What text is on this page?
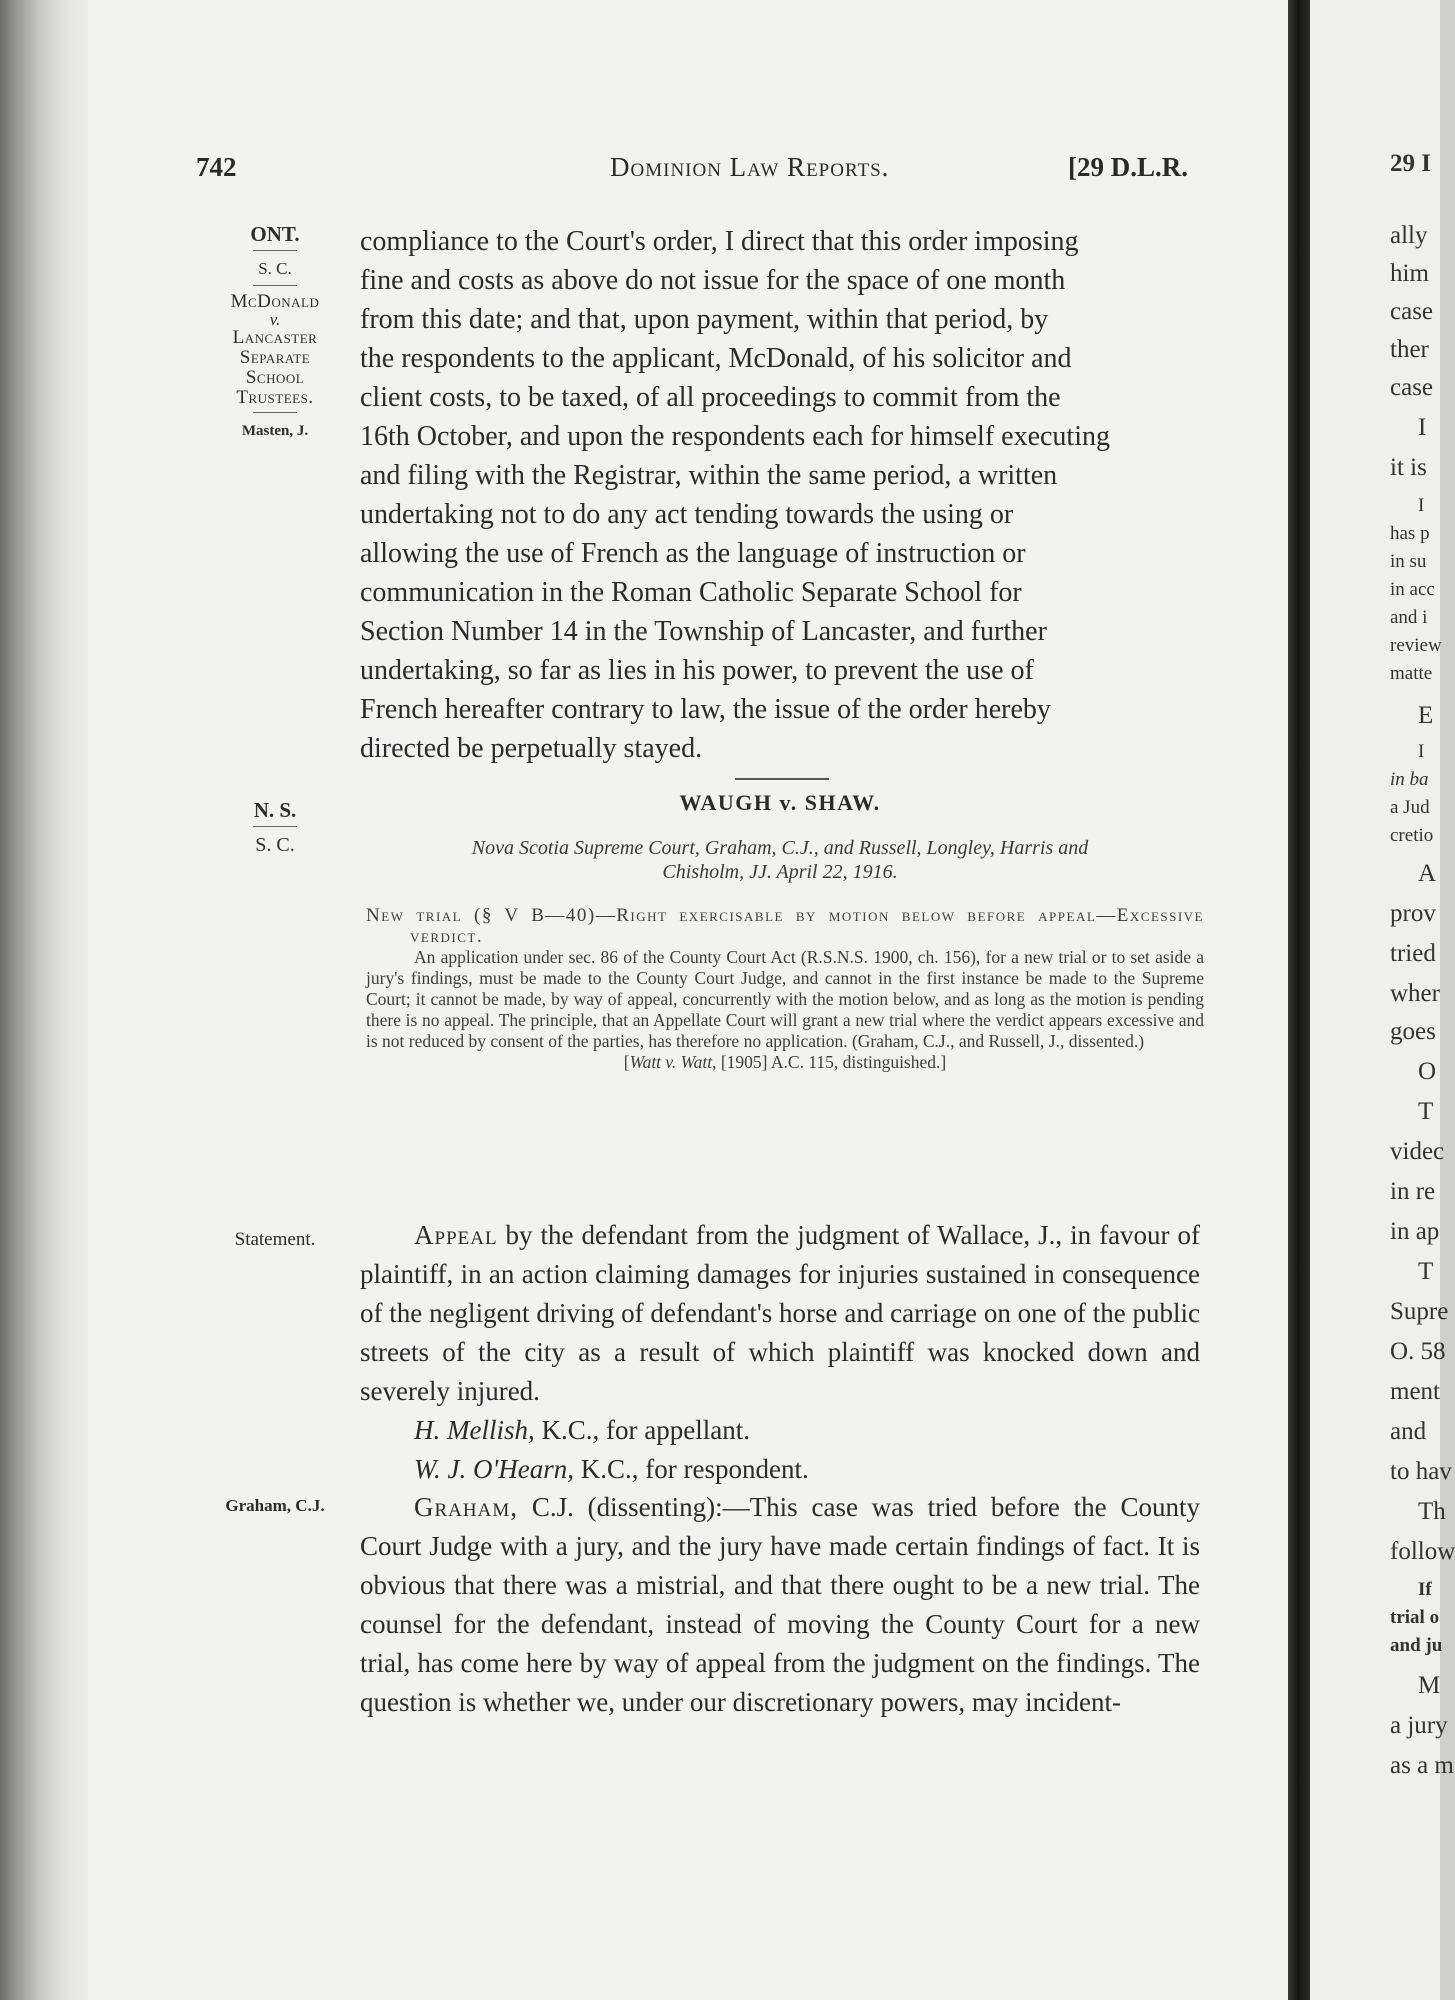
742	Dominion Law Reports.	[29 D.L.R.
ONT.
S. C.
McDonald
v.
Lancaster
Separate
School
Trustees.
Masten, J.

compliance to the Court's order, I direct that this order imposing

fine and costs as above do not issue for the space of one month

from this date; and that, upon payment, within that period, by

the respondents to the applicant, McDonald, of his solicitor and

client costs, to be taxed, of all proceedings to commit from the

16th October, and upon the respondents each for himself executing

and filing with the Registrar, within the same period, a written

undertaking not to do any act tending towards the using or

allowing the use of French as the language of instruction or

communication in the Roman Catholic Separate School for

Section Number 14 in the Township of Lancaster, and further

undertaking, so far as lies in his power, to prevent the use of

French hereafter contrary to law, the issue of the order hereby

directed be perpetually stayed.

N. S.
S. C.
WAUGH v. SHAW.
Nova Scotia Supreme Court, Graham, C.J., and Russell, Longley, Harris and
Chisholm, JJ. April 22, 1916.

New trial (§ V B—40)—Right exercisable by motion below before appeal—Excessive verdict.

An application under sec. 86 of the County Court Act (R.S.N.S. 1900, ch. 156), for a new trial or to set aside a jury's findings, must be made to the County Court Judge, and cannot in the first instance be made to the Supreme Court; it cannot be made, by way of appeal, concurrently with the motion below, and as long as the motion is pending there is no appeal. The principle, that an Appellate Court will grant a new trial where the verdict appears excessive and is not reduced by consent of the parties, has therefore no application. (Graham, C.J., and Russell, J., dissented.)

[Watt v. Watt, [1905] A.C. 115, distinguished.]

Statement.	Appeal by the defendant from the judgment of Wallace, J., in favour of plaintiff, in an action claiming damages for injuries sustained in consequence of the negligent driving of defendant's horse and carriage on one of the public streets of the city as a result of which plaintiff was knocked down and severely injured.

H. Mellish, K.C., for appellant.

W. J. O'Hearn, K.C., for respondent.

Graham, C.J.	Graham, C.J. (dissenting):—This case was tried before the County Court Judge with a jury, and the jury have made certain findings of fact. It is obvious that there was a mistrial, and that there ought to be a new trial. The counsel for the defendant, instead of moving the County Court for a new trial, has come here by way of appeal from the judgment on the findings. The question is whether we, under our discretionary powers, may incident-

29 I
ally
him
case
ther
case
I
it is
I
has p
in su
in acc
and i
review
matte
E
I
in ba
a Jud
cretio
A
prov
tried
wher
goes
O
T
videc
in re
in ap
T
Supre
O. 58
ment
and
to hav
Th
follow
If
trial o
and ju
M
a jury
as a m
